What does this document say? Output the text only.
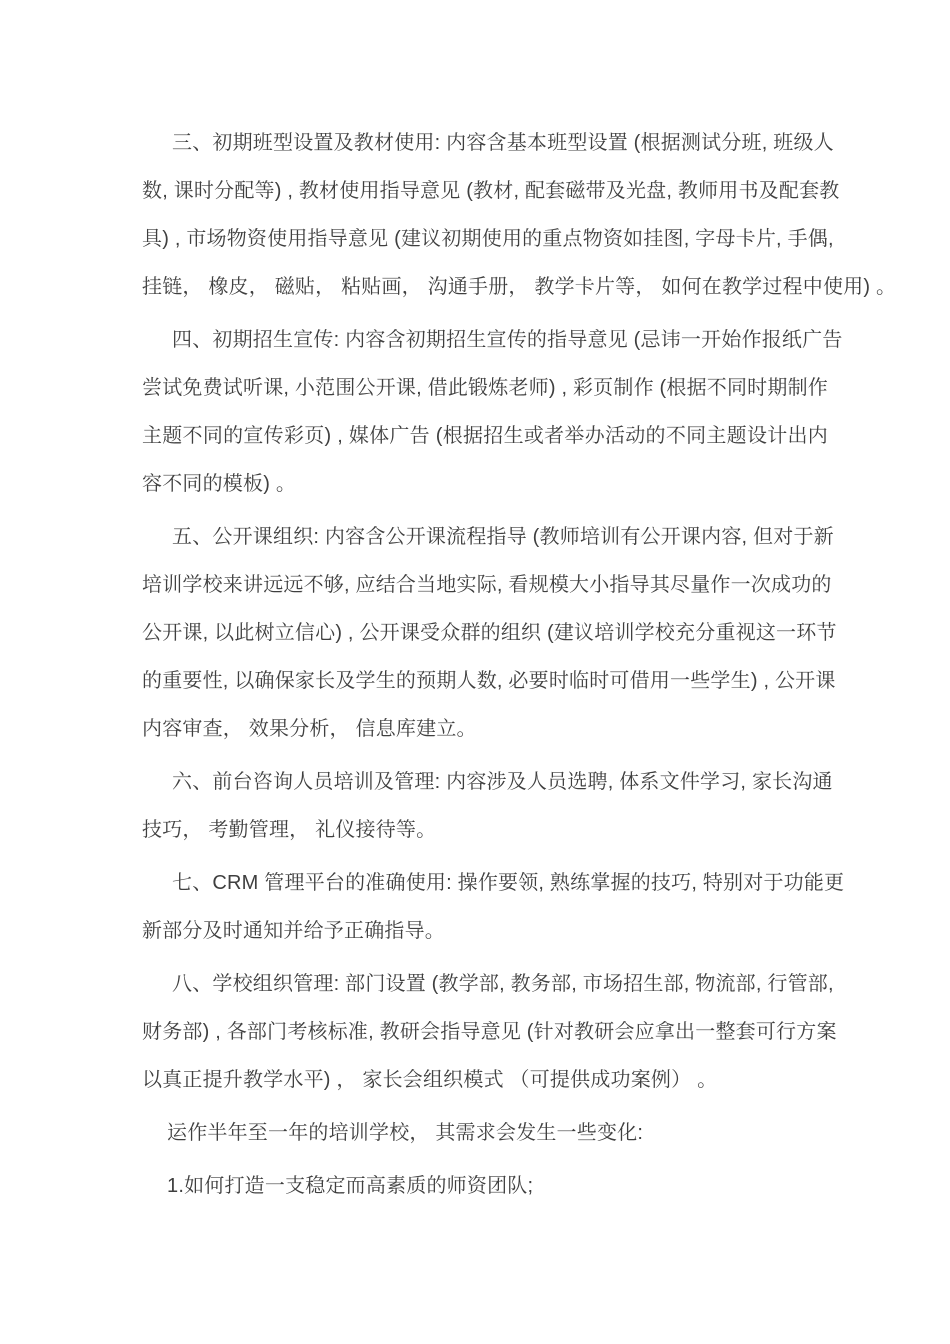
三、初期班型设置及教材使用: 内容含基本班型设置 (根据测试分班, 班级人
数, 课时分配等) , 教材使用指导意见 (教材, 配套磁带及光盘, 教师用书及配套教
具) , 市场物资使用指导意见 (建议初期使用的重点物资如挂图, 字母卡片, 手偶,
挂链， 橡皮， 磁贴， 粘贴画， 沟通手册， 教学卡片等， 如何在教学过程中使用) 。

四、初期招生宣传: 内容含初期招生宣传的指导意见 (忌讳一开始作报纸广告
尝试免费试听课, 小范围公开课, 借此锻炼老师) , 彩页制作 (根据不同时期制作
主题不同的宣传彩页) , 媒体广告 (根据招生或者举办活动的不同主题设计出内
容不同的模板) 。

五、公开课组织: 内容含公开课流程指导 (教师培训有公开课内容, 但对于新
培训学校来讲远远不够, 应结合当地实际, 看规模大小指导其尽量作一次成功的
公开课, 以此树立信心) , 公开课受众群的组织 (建议培训学校充分重视这一环节
的重要性, 以确保家长及学生的预期人数, 必要时临时可借用一些学生) , 公开课
内容审查， 效果分析， 信息库建立。

六、前台咨询人员培训及管理: 内容涉及人员选聘, 体系文件学习, 家长沟通
技巧， 考勤管理， 礼仪接待等。

七、CRM 管理平台的准确使用: 操作要领, 熟练掌握的技巧, 特别对于功能更
新部分及时通知并给予正确指导。

八、学校组织管理: 部门设置 (教学部, 教务部, 市场招生部, 物流部, 行管部,
财务部) , 各部门考核标准, 教研会指导意见 (针对教研会应拿出一整套可行方案
以真正提升教学水平) ， 家长会组织模式 （可提供成功案例） 。

运作半年至一年的培训学校， 其需求会发生一些变化:

1.如何打造一支稳定而高素质的师资团队;
